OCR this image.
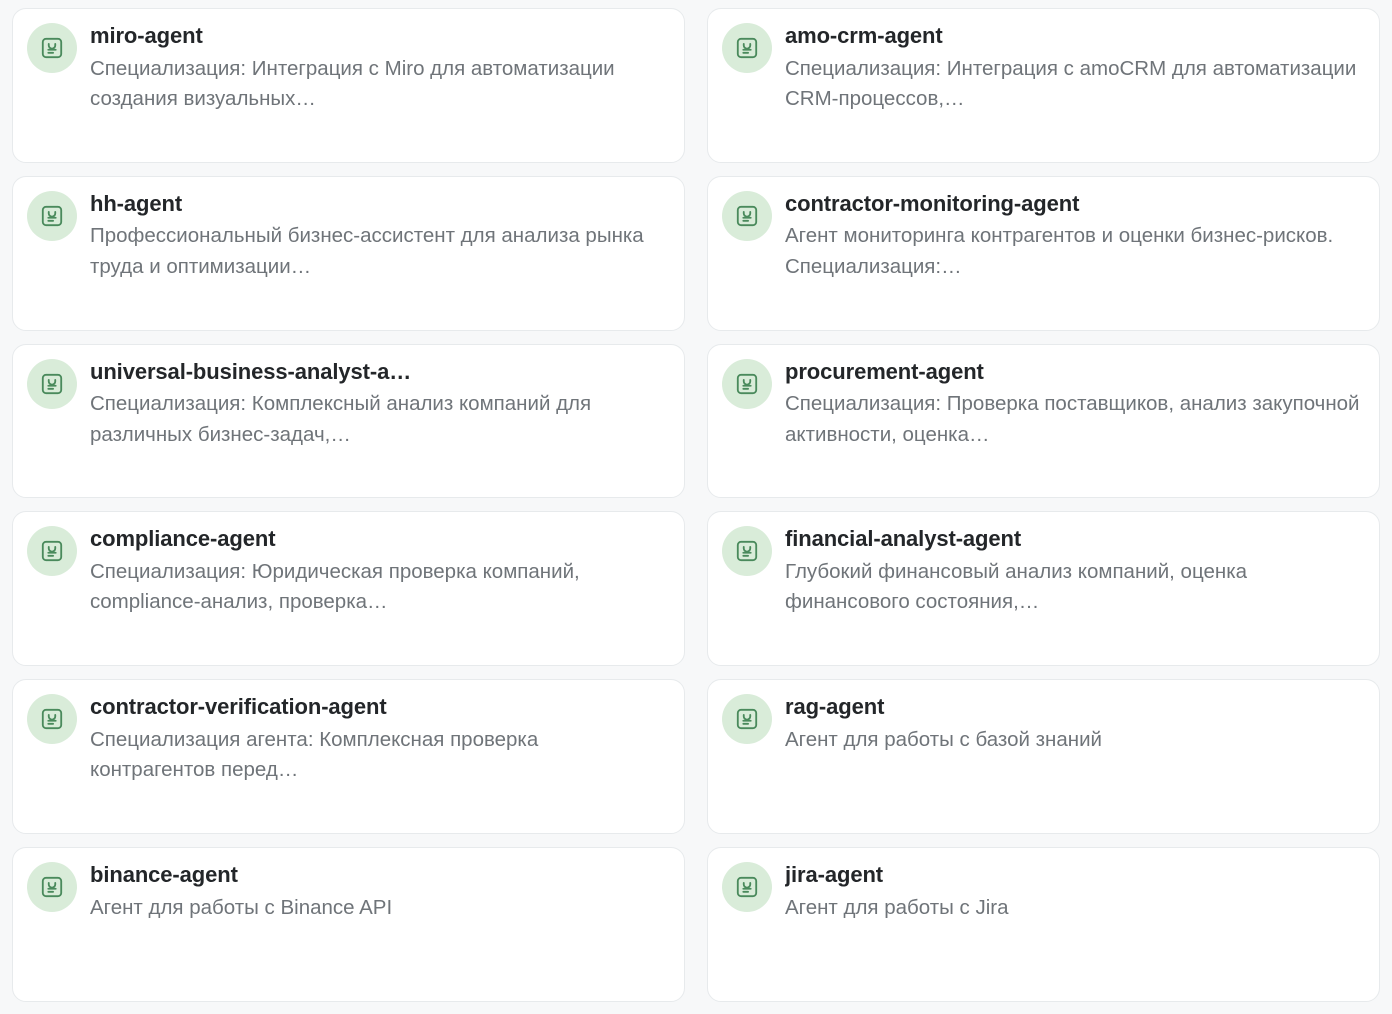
miro-agent
Специализация: Интеграция с Miro для автоматизации создания визуальных…
amo-crm-agent
Специализация: Интеграция с amoCRM для автоматизации CRM-процессов,…
hh-agent
Профессиональный бизнес-ассистент для анализа рынка труда и оптимизации…
contractor-monitoring-agent
Агент мониторинга контрагентов и оценки бизнес-рисков. Специализация:…
universal-business-analyst-a…
Специализация: Комплексный анализ компаний для различных бизнес-задач,…
procurement-agent
Специализация: Проверка поставщиков, анализ закупочной активности, оценка…
compliance-agent
Специализация: Юридическая проверка компаний, compliance-анализ, проверка…
financial-analyst-agent
Глубокий финансовый анализ компаний, оценка финансового состояния,…
contractor-verification-agent
Специализация агента: Комплексная проверка контрагентов перед…
rag-agent
Агент для работы с базой знаний
binance-agent
Агент для работы с Binance API
jira-agent
Агент для работы с Jira
